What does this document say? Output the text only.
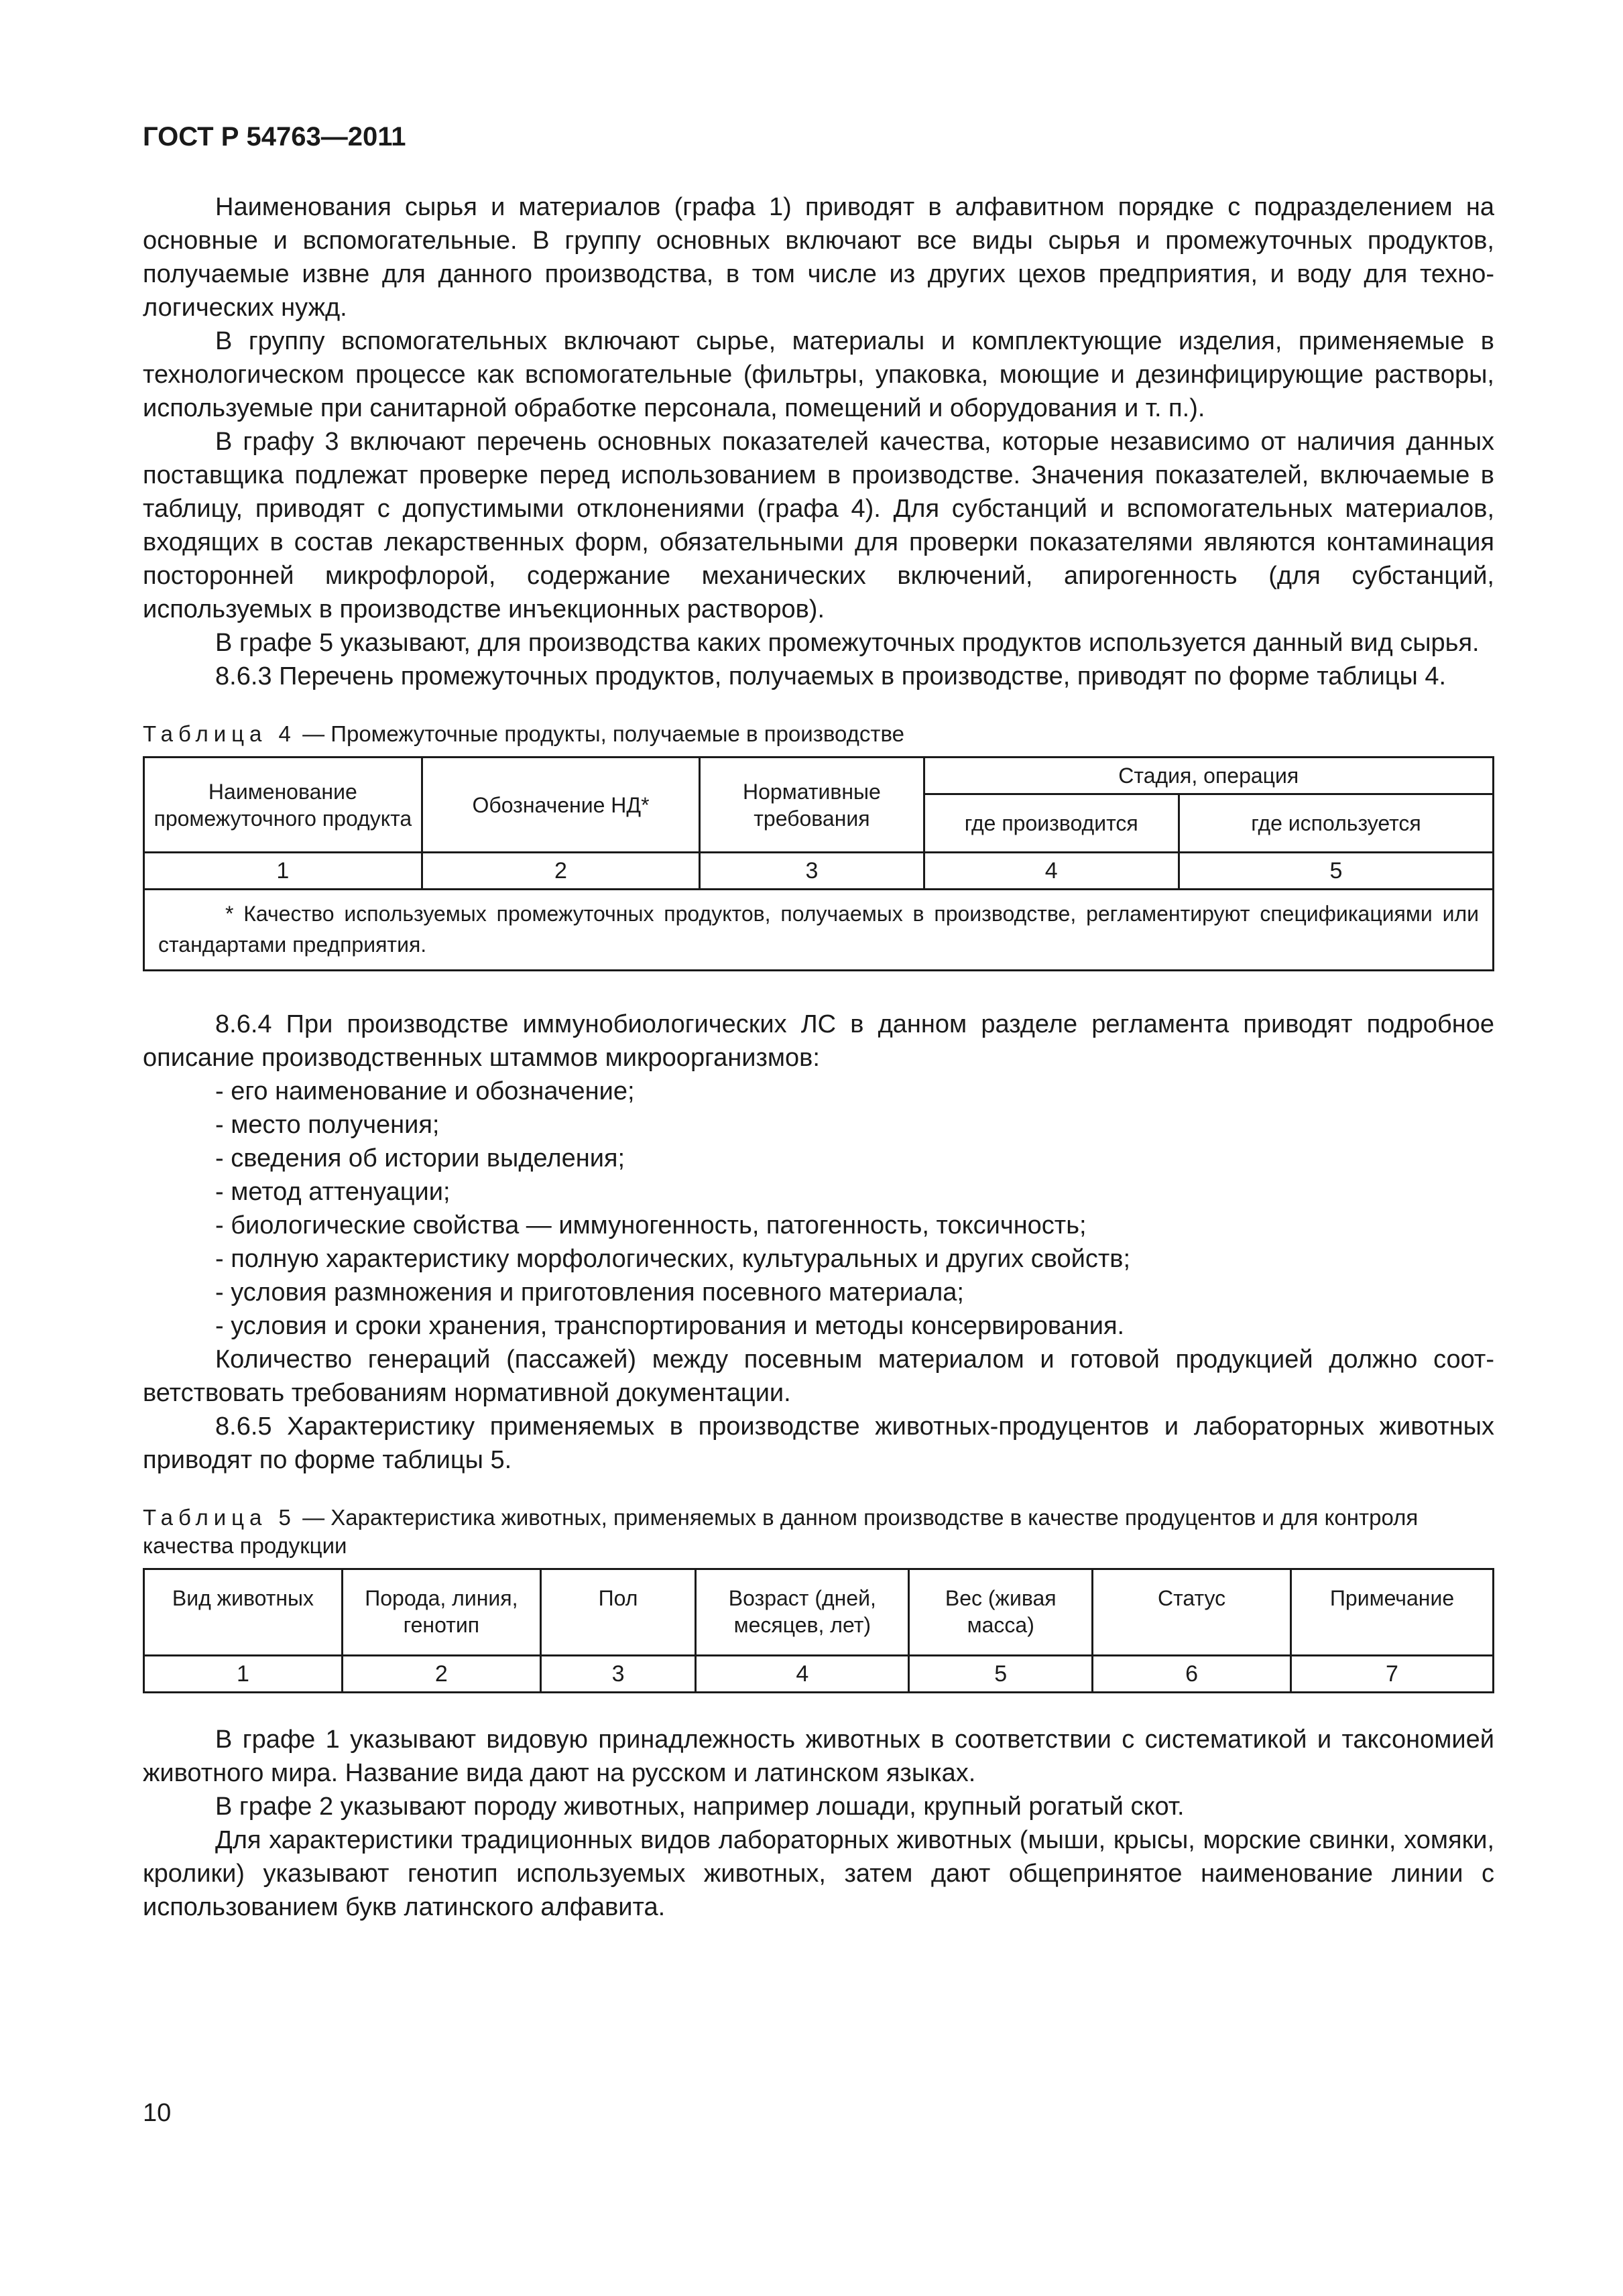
ГОСТ Р 54763—2011

Наименования сырья и материалов (графа 1) приводят в алфавитном порядке с подразделением на основные и вспомогательные. В группу основных включают все виды сырья и промежуточных продуктов, получаемые извне для данного производства, в том числе из других цехов предприятия, и воду для технологических нужд.

В группу вспомогательных включают сырье, материалы и комплектующие изделия, применяемые в технологическом процессе как вспомогательные (фильтры, упаковка, моющие и дезинфицирующие растворы, используемые при санитарной обработке персонала, помещений и оборудования и т. п.).

В графу 3 включают перечень основных показателей качества, которые независимо от наличия данных поставщика подлежат проверке перед использованием в производстве. Значения показателей, включаемые в таблицу, приводят с допустимыми отклонениями (графа 4). Для субстанций и вспомогательных материалов, входящих в состав лекарственных форм, обязательными для проверки показателями являются контаминация посторонней микрофлорой, содержание механических включений, апирогенность (для субстанций, используемых в производстве инъекционных растворов).

В графе 5 указывают, для производства каких промежуточных продуктов используется данный вид сырья.

8.6.3 Перечень промежуточных продуктов, получаемых в производстве, приводят по форме таблицы 4.

Таблица 4 — Промежуточные продукты, получаемые в производстве
Наименование промежуточного продукта	Обозначение НД*	Нормативные требования	Стадия, операция	
			где производится	где используется
1	2	3	4	5
* Качество используемых промежуточных продуктов, получаемых в производстве, регламентируют спецификациями или стандартами предприятия.				

8.6.4 При производстве иммунобиологических ЛС в данном разделе регламента приводят подробное описание производственных штаммов микроорганизмов:

- его наименование и обозначение;

- место получения;

- сведения об истории выделения;

- метод аттенуации;

- биологические свойства — иммуногенность, патогенность, токсичность;

- полную характеристику морфологических, культуральных и других свойств;

- условия размножения и приготовления посевного материала;

- условия и сроки хранения, транспортирования и методы консервирования.

Количество генераций (пассажей) между посевным материалом и готовой продукцией должно соответствовать требованиям нормативной документации.

8.6.5 Характеристику применяемых в производстве животных-продуцентов и лабораторных животных приводят по форме таблицы 5.

Таблица 5 — Характеристика животных, применяемых в данном производстве в качестве продуцентов и для контроля качества продукции
Вид животных	Порода, линия, генотип	Пол	Возраст (дней, месяцев, лет)	Вес (живая масса)	Статус	Примечание
1	2	3	4	5	6	7

В графе 1 указывают видовую принадлежность животных в соответствии с систематикой и таксономией животного мира. Название вида дают на русском и латинском языках.

В графе 2 указывают породу животных, например лошади, крупный рогатый скот.

Для характеристики традиционных видов лабораторных животных (мыши, крысы, морские свинки, хомяки, кролики) указывают генотип используемых животных, затем дают общепринятое наименование линии с использованием букв латинского алфавита.

10
